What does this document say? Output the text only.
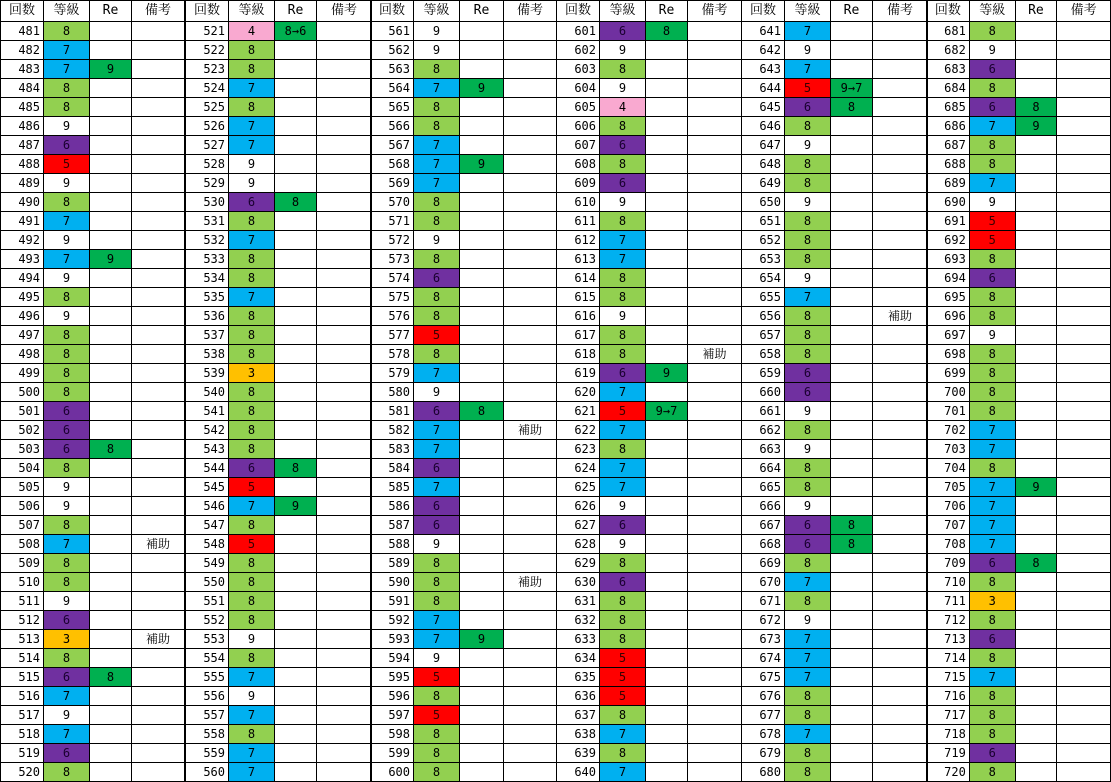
回数	等級	Re	備考
481	8		
482	7		
483	7	9	
484	8		
485	8		
486	9		
487	6		
488	5		
489	9		
490	8		
491	7		
492	9		
493	7	9	
494	9		
495	8		
496	9		
497	8		
498	8		
499	8		
500	8		
501	6		
502	6		
503	6	8	
504	8		
505	9		
506	9		
507	8		
508	7		補助
509	8		
510	8		
511	9		
512	6		
513	3		補助
514	8		
515	6	8	
516	7		
517	9		
518	7		
519	6		
520	8		
回数	等級	Re	備考
521	4	8→6	
522	8		
523	8		
524	7		
525	8		
526	7		
527	7		
528	9		
529	9		
530	6	8	
531	8		
532	7		
533	8		
534	8		
535	7		
536	8		
537	8		
538	8		
539	3		
540	8		
541	8		
542	8		
543	8		
544	6	8	
545	5		
546	7	9	
547	8		
548	5		
549	8		
550	8		
551	8		
552	8		
553	9		
554	8		
555	7		
556	9		
557	7		
558	8		
559	7		
560	7		
回数	等級	Re	備考
561	9		
562	9		
563	8		
564	7	9	
565	8		
566	8		
567	7		
568	7	9	
569	7		
570	8		
571	8		
572	9		
573	8		
574	6		
575	8		
576	8		
577	5		
578	8		
579	7		
580	9		
581	6	8	
582	7		補助
583	7		
584	6		
585	7		
586	6		
587	6		
588	9		
589	8		
590	8		補助
591	8		
592	7		
593	7	9	
594	9		
595	5		
596	8		
597	5		
598	8		
599	8		
600	8		
回数	等級	Re	備考
601	6	8	
602	9		
603	8		
604	9		
605	4		
606	8		
607	6		
608	8		
609	6		
610	9		
611	8		
612	7		
613	7		
614	8		
615	8		
616	9		
617	8		
618	8		補助
619	6	9	
620	7		
621	5	9→7	
622	7		
623	8		
624	7		
625	7		
626	9		
627	6		
628	9		
629	8		
630	6		
631	8		
632	8		
633	8		
634	5		
635	5		
636	5		
637	8		
638	7		
639	8		
640	7		
回数	等級	Re	備考
641	7		
642	9		
643	7		
644	5	9→7	
645	6	8	
646	8		
647	9		
648	8		
649	8		
650	9		
651	8		
652	8		
653	8		
654	9		
655	7		
656	8		補助
657	8		
658	8		
659	6		
660	6		
661	9		
662	8		
663	9		
664	8		
665	8		
666	9		
667	6	8	
668	6	8	
669	8		
670	7		
671	8		
672	9		
673	7		
674	7		
675	7		
676	8		
677	8		
678	7		
679	8		
680	8		
回数	等級	Re	備考
681	8		
682	9		
683	6		
684	8		
685	6	8	
686	7	9	
687	8		
688	8		
689	7		
690	9		
691	5		
692	5		
693	8		
694	6		
695	8		
696	8		
697	9		
698	8		
699	8		
700	8		
701	8		
702	7		
703	7		
704	8		
705	7	9	
706	7		
707	7		
708	7		
709	6	8	
710	8		
711	3		
712	8		
713	6		
714	8		
715	7		
716	8		
717	8		
718	8		
719	6		
720	8		
